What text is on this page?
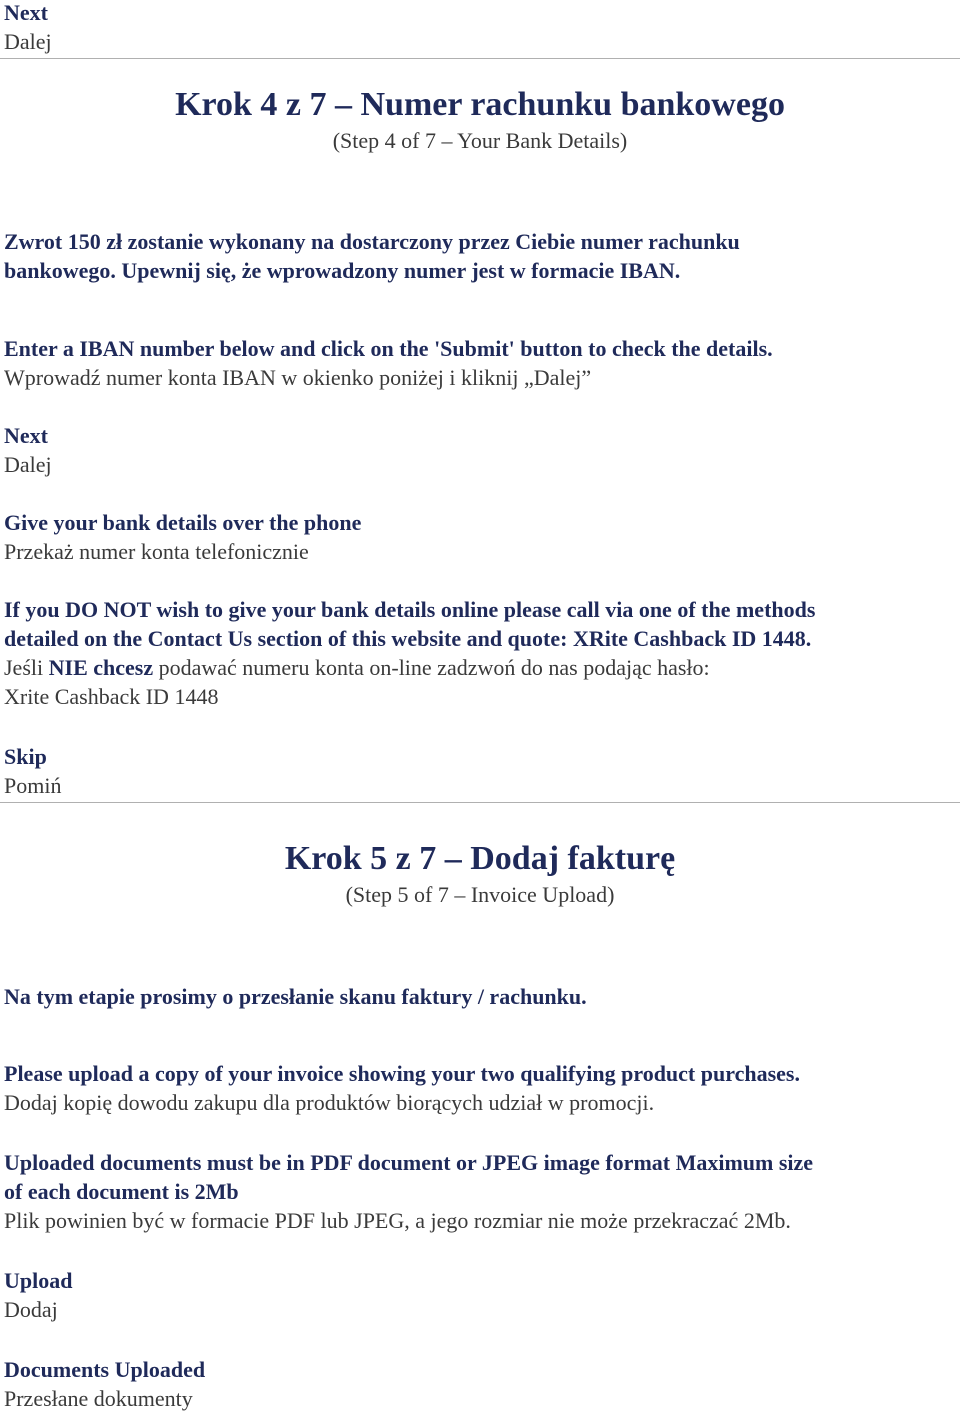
Next
Dalej
Krok 4 z 7 – Numer rachunku bankowego
(Step 4 of 7 – Your Bank Details)
Zwrot 150 zł zostanie wykonany na dostarczony przez Ciebie numer rachunku
bankowego. Upewnij się, że wprowadzony numer jest w formacie IBAN.
Enter a IBAN number below and click on the 'Submit' button to check the details.
Wprowadź numer konta IBAN w okienko poniżej i kliknij „Dalej”
Next
Dalej
Give your bank details over the phone
Przekaż numer konta telefonicznie
If you DO NOT wish to give your bank details online please call via one of the methods
detailed on the Contact Us section of this website and quote: XRite Cashback ID 1448.
Jeśli NIE chcesz podawać numeru konta on-line zadzwoń do nas podając hasło:
Xrite Cashback ID 1448
Skip
Pomiń
Krok 5 z 7 – Dodaj fakturę
(Step 5 of 7 – Invoice Upload)
Na tym etapie prosimy o przesłanie skanu faktury / rachunku.
Please upload a copy of your invoice showing your two qualifying product purchases.
Dodaj kopię dowodu zakupu dla produktów biorących udział w promocji.
Uploaded documents must be in PDF document or JPEG image format Maximum size
of each document is 2Mb
Plik powinien być w formacie PDF lub JPEG, a jego rozmiar nie może przekraczać 2Mb.
Upload
Dodaj
Documents Uploaded
Przesłane dokumenty
